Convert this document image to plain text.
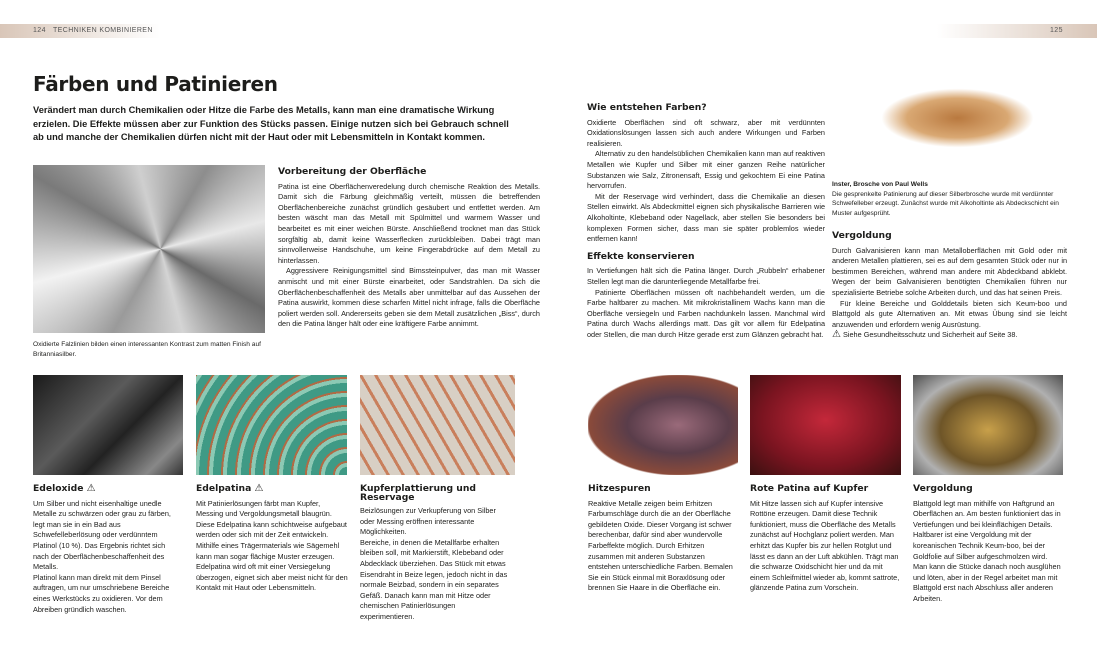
124 TECHNIKEN KOMBINIEREN	125
Färben und Patinieren
Verändert man durch Chemikalien oder Hitze die Farbe des Metalls, kann man eine dramatische Wirkung erzielen. Die Effekte müssen aber zur Funktion des Stücks passen. Einige nutzen sich bei Gebrauch schnell ab und manche der Chemikalien dürfen nicht mit der Haut oder mit Lebensmitteln in Kontakt kommen.
Oxidierte Falzlinien bilden einen interessanten Kontrast zum matten Finish auf Britanniasilber.
Vorbereitung der Oberfläche

Patina ist eine Oberflächenveredelung durch chemische Reaktion des Metalls. Damit sich die Färbung gleichmäßig verteilt, müssen die betreffenden Oberflächenbereiche zunächst gründlich gesäubert und entfettet werden. Am besten wäscht man das Metall mit Spülmittel und warmem Wasser und bearbeitet es mit einer weichen Bürste. Anschließend trocknet man das Stück sorgfältig ab, damit keine Wasserflecken zurückbleiben. Dabei trägt man sinnvollerweise Handschuhe, um keine Fingerabdrücke auf dem Metall zu hinterlassen.

Aggressivere Reinigungsmittel sind Bimssteinpulver, das man mit Wasser anmischt und mit einer Bürste einarbeitet, oder Sandstrahlen. Da sich die Oberflächenbeschaffenheit des Metalls aber unmittelbar auf das Aussehen der Patina auswirkt, kommen diese scharfen Mittel nicht infrage, falls die Oberfläche poliert werden soll. Andererseits geben sie dem Metall zusätzlichen „Biss“, durch den die Patina länger hält oder eine kräftigere Farbe annimmt.

Wie entstehen Farben?

Oxidierte Oberflächen sind oft schwarz, aber mit verdünnten Oxidationslösungen lassen sich auch andere Wirkungen und Farben realisieren.

Alternativ zu den handelsüblichen Chemikalien kann man auf reaktiven Metallen wie Kupfer und Silber mit einer ganzen Reihe natürlicher Substanzen wie Salz, Zitronensaft, Essig und gekochtem Ei eine Patina hervorrufen.

Mit der Reservage wird verhindert, dass die Chemikalie an diesen Stellen einwirkt. Als Abdeckmittel eignen sich physikalische Barrieren wie Alkoholtinte, Klebeband oder Nagellack, aber stellen Sie besonders bei komplexen Formen sicher, dass man sie später problemlos wieder entfernen kann!

Effekte konservieren

In Vertiefungen hält sich die Patina länger. Durch „Rubbeln“ erhabener Stellen legt man die darunterliegende Metallfarbe frei.

Patinierte Oberflächen müssen oft nachbehandelt werden, um die Farbe haltbarer zu machen. Mit mikrokristallinem Wachs kann man die Oberfläche versiegeln und Farben nachdunkeln lassen. Manchmal wird Patina durch Wachs allerdings matt. Das gilt vor allem für Edelpatina oder Stellen, die man durch Hitze gerade erst zum Glänzen gebracht hat.

Inster, Brosche von Paul Wells
Die gesprenkelte Patinierung auf dieser Silberbrosche wurde mit verdünnter Schwefelleber erzeugt. Zunächst wurde mit Alkoholtinte als Abdeckschicht ein Muster aufgesprüht.
Vergoldung

Durch Galvanisieren kann man Metalloberflächen mit Gold oder mit anderen Metallen plattieren, sei es auf dem gesamten Stück oder nur in bestimmen Bereichen, während man andere mit Abdeckband abklebt. Wegen der beim Galvanisieren benötigten Chemikalien führen nur spezialisierte Betriebe solche Arbeiten durch, und das hat seinen Preis.

Für kleine Bereiche und Golddetails bieten sich Keum-boo und Blattgold als gute Alternativen an. Mit etwas Übung sind sie leicht anzuwenden und erfordern wenig Ausrüstung.

⚠ Siehe Gesundheitsschutz und Sicherheit auf Seite 38.
Edeloxide ⚠

Um Silber und nicht eisenhaltige unedle Metalle zu schwärzen oder grau zu färben, legt man sie in ein Bad aus Schwefelleberlösung oder verdünntem Platinol (10 %). Das Ergebnis richtet sich nach der Oberflächenbeschaffenheit des Metalls.

Platinol kann man direkt mit dem Pinsel auftragen, um nur umschriebene Bereiche eines Werkstücks zu oxidieren. Vor dem Abreiben gründlich waschen.

Edelpatina ⚠

Mit Patinierlösungen färbt man Kupfer, Messing und Vergoldungsmetall blaugrün. Diese Edelpatina kann schichtweise aufgebaut werden oder sich mit der Zeit entwickeln. Mithilfe eines Trägermaterials wie Sägemehl kann man sogar flächige Muster erzeugen.

Edelpatina wird oft mit einer Versiegelung überzogen, eignet sich aber meist nicht für den Kontakt mit Haut oder Lebensmitteln.

Kupferplattierung und Reservage

Beizlösungen zur Verkupferung von Silber oder Messing eröffnen interessante Möglichkeiten.

Bereiche, in denen die Metallfarbe erhalten bleiben soll, mit Markierstift, Klebeband oder Abdecklack überziehen. Das Stück mit etwas Eisendraht in Beize legen, jedoch nicht in das normale Beizbad, sondern in ein separates Gefäß. Danach kann man mit Hitze oder chemischen Patinierlösungen experimentieren.

Hitzespuren

Reaktive Metalle zeigen beim Erhitzen Farbumschläge durch die an der Oberfläche gebildeten Oxide. Dieser Vorgang ist schwer berechenbar, dafür sind aber wundervolle Farbeffekte möglich. Durch Erhitzen zusammen mit anderen Substanzen entstehen unterschiedliche Farben. Bemalen Sie ein Stück einmal mit Boraxlösung oder brennen Sie Haare in die Oberfläche ein.

Rote Patina auf Kupfer

Mit Hitze lassen sich auf Kupfer intensive Rottöne erzeugen. Damit diese Technik funktioniert, muss die Oberfläche des Metalls zunächst auf Hochglanz poliert werden. Man erhitzt das Kupfer bis zur hellen Rotglut und lässt es dann an der Luft abkühlen. Trägt man die schwarze Oxidschicht hier und da mit einem Schleifmittel wieder ab, kommt sattrote, glänzende Patina zum Vorschein.

Vergoldung

Blattgold legt man mithilfe von Haftgrund an Oberflächen an. Am besten funktioniert das in Vertiefungen und bei kleinflächigen Details.

Haltbarer ist eine Vergoldung mit der koreanischen Technik Keum-boo, bei der Goldfolie auf Silber aufgeschmolzen wird. Man kann die Stücke danach noch ausglühen und löten, aber in der Regel arbeitet man mit Blattgold erst nach Abschluss aller anderen Arbeiten.
